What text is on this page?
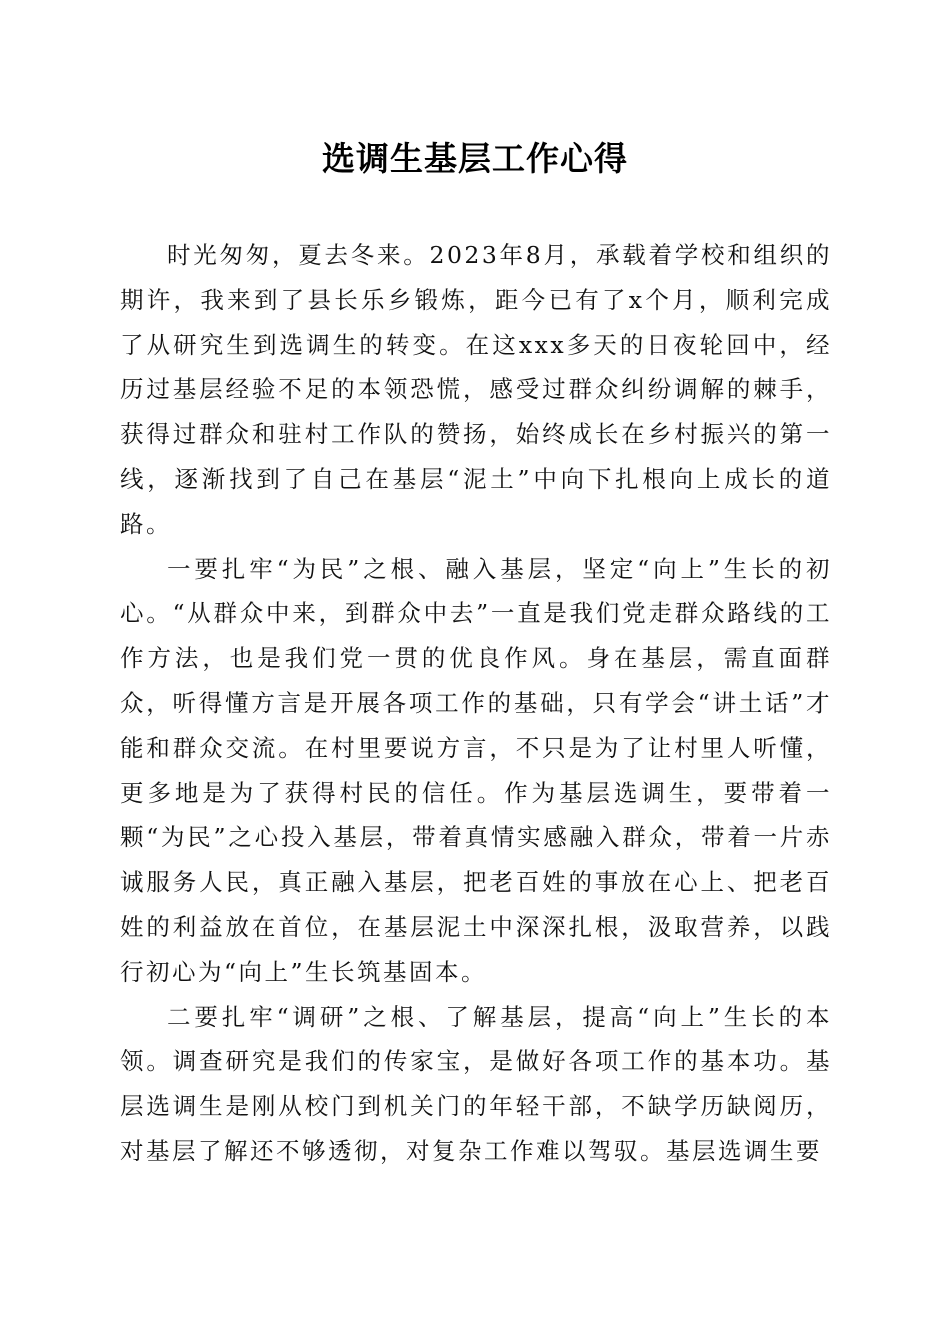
选调生基层工作心得

时光匆匆，夏去冬来。2023年8月，承载着学校和组织的期许，我来到了县长乐乡锻炼，距今已有了x个月，顺利完成了从研究生到选调生的转变。在这xxx多天的日夜轮回中，经历过基层经验不足的本领恐慌，感受过群众纠纷调解的棘手，获得过群众和驻村工作队的赞扬，始终成长在乡村振兴的第一线，逐渐找到了自己在基层“泥土”中向下扎根向上成长的道路。

一要扎牢“为民”之根、融入基层，坚定“向上”生长的初心。“从群众中来，到群众中去”一直是我们党走群众路线的工作方法，也是我们党一贯的优良作风。身在基层，需直面群众，听得懂方言是开展各项工作的基础，只有学会“讲土话”才能和群众交流。在村里要说方言，不只是为了让村里人听懂，更多地是为了获得村民的信任。作为基层选调生，要带着一颗“为民”之心投入基层，带着真情实感融入群众，带着一片赤诚服务人民，真正融入基层，把老百姓的事放在心上、把老百姓的利益放在首位，在基层泥土中深深扎根，汲取营养，以践行初心为“向上”生长筑基固本。

二要扎牢“调研”之根、了解基层，提高“向上”生长的本领。调查研究是我们的传家宝，是做好各项工作的基本功。基层选调生是刚从校门到机关门的年轻干部，不缺学历缺阅历，对基层了解还不够透彻，对复杂工作难以驾驭。基层选调生要
